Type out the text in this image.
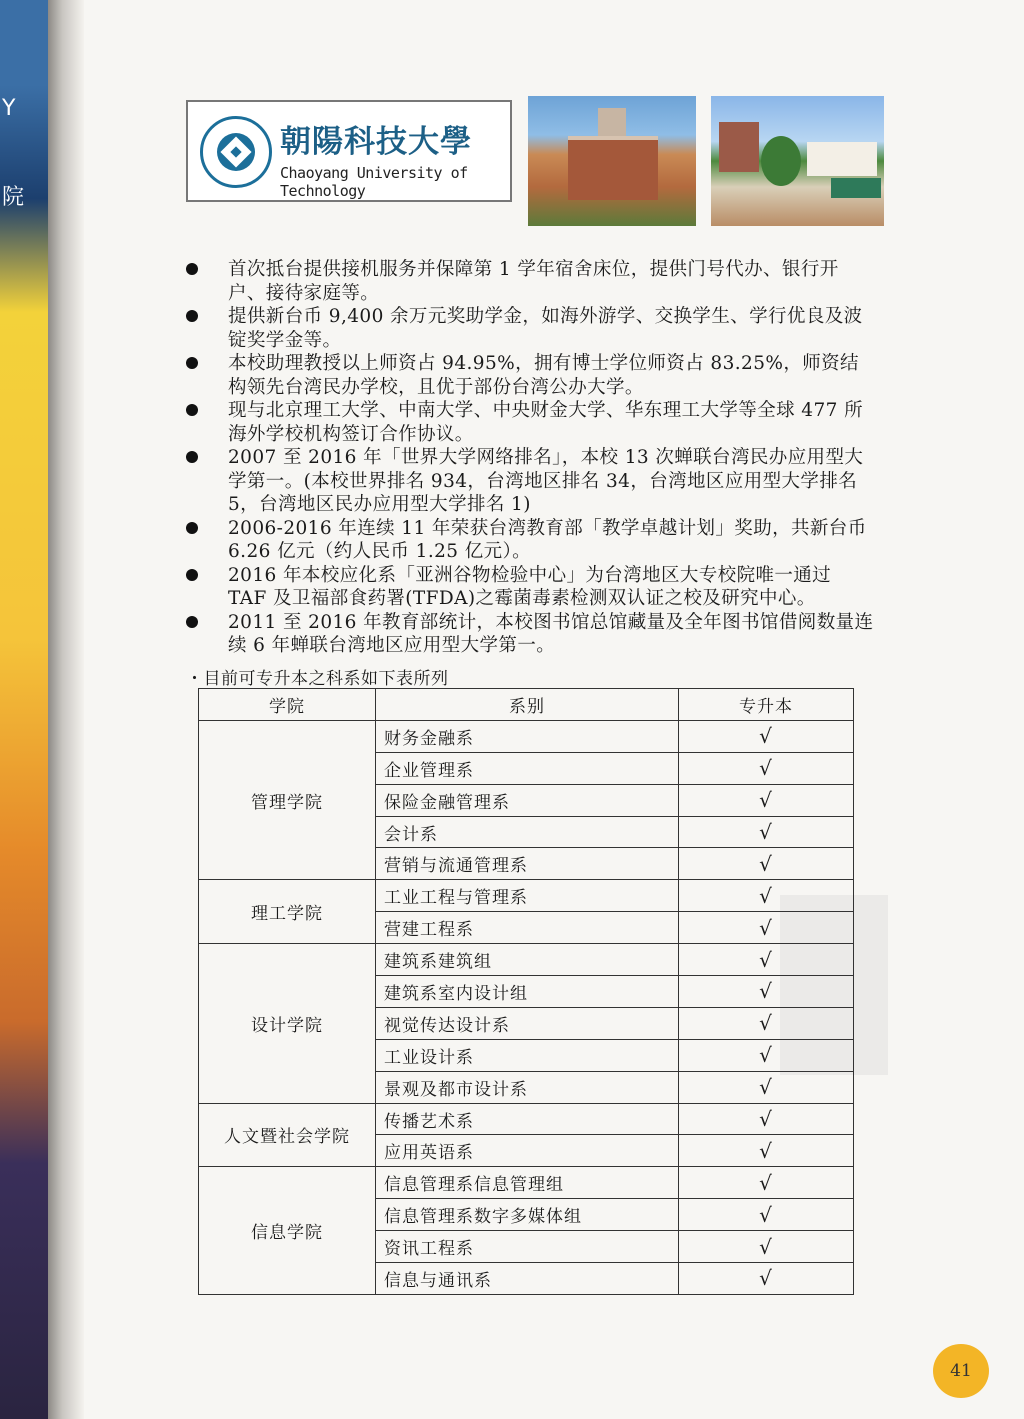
Y
院
朝陽科技大學
Chaoyang University of Technology
首次抵台提供接机服务并保障第 1 学年宿舍床位，提供门号代办、银行开户、接待家庭等。
提供新台币 9,400 余万元奖助学金，如海外游学、交换学生、学行优良及波锭奖学金等。
本校助理教授以上师资占 94.95%，拥有博士学位师资占 83.25%，师资结构领先台湾民办学校，且优于部份台湾公办大学。
现与北京理工大学、中南大学、中央财金大学、华东理工大学等全球 477 所海外学校机构签订合作协议。
2007 至 2016 年「世界大学网络排名」，本校 13 次蝉联台湾民办应用型大学第一。(本校世界排名 934，台湾地区排名 34，台湾地区应用型大学排名 5，台湾地区民办应用型大学排名 1)
2006-2016 年连续 11 年荣获台湾教育部「教学卓越计划」奖助，共新台币 6.26 亿元（约人民币 1.25 亿元）。
2016 年本校应化系「亚洲谷物检验中心」为台湾地区大专校院唯一通过 TAF 及卫福部食药署(TFDA)之霉菌毒素检测双认证之校及研究中心。
2011 至 2016 年教育部统计，本校图书馆总馆藏量及全年图书馆借阅数量连续 6 年蝉联台湾地区应用型大学第一。
・目前可专升本之科系如下表所列
学院	系别	专升本
管理学院	财务金融系	√
	企业管理系	√
	保险金融管理系	√
	会计系	√
	营销与流通管理系	√
理工学院	工业工程与管理系	√
	营建工程系	√
设计学院	建筑系建筑组	√
	建筑系室内设计组	√
	视觉传达设计系	√
	工业设计系	√
	景观及都市设计系	√
人文暨社会学院	传播艺术系	√
	应用英语系	√
信息学院	信息管理系信息管理组	√
	信息管理系数字多媒体组	√
	资讯工程系	√
	信息与通讯系	√
41
